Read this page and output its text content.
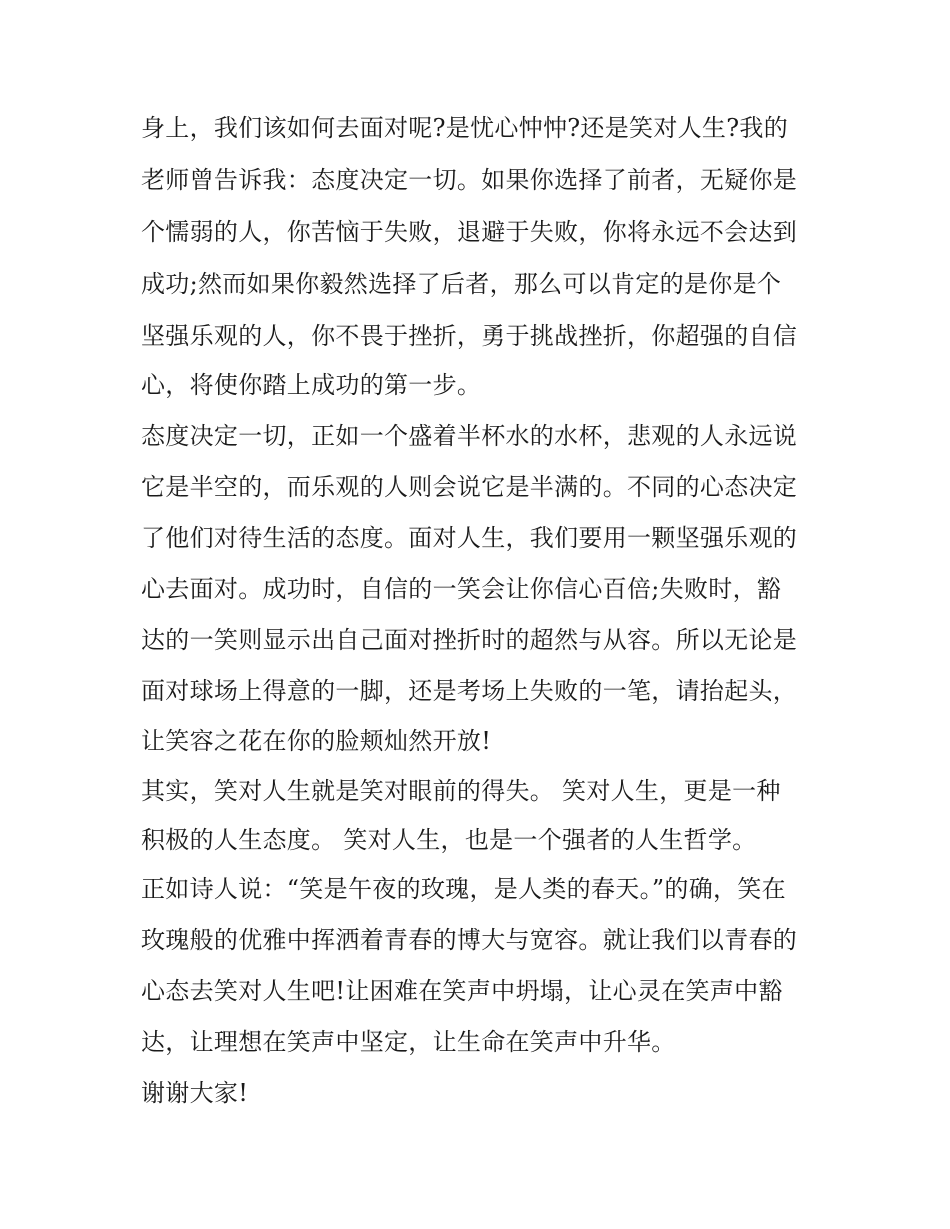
身上，我们该如何去面对呢?是忧心忡忡?还是笑对人生?我的
老师曾告诉我：态度决定一切。如果你选择了前者，无疑你是
个懦弱的人，你苦恼于失败，退避于失败，你将永远不会达到
成功;然而如果你毅然选择了后者，那么可以肯定的是你是个
坚强乐观的人，你不畏于挫折，勇于挑战挫折，你超强的自信
心，将使你踏上成功的第一步。
态度决定一切，正如一个盛着半杯水的水杯，悲观的人永远说
它是半空的，而乐观的人则会说它是半满的。不同的心态决定
了他们对待生活的态度。面对人生，我们要用一颗坚强乐观的
心去面对。成功时，自信的一笑会让你信心百倍;失败时，豁
达的一笑则显示出自己面对挫折时的超然与从容。所以无论是
面对球场上得意的一脚，还是考场上失败的一笔，请抬起头，
让笑容之花在你的脸颊灿然开放!
其实，笑对人生就是笑对眼前的得失。 笑对人生，更是一种
积极的人生态度。 笑对人生，也是一个强者的人生哲学。
正如诗人说：“笑是午夜的玫瑰，是人类的春天。”的确，笑在
玫瑰般的优雅中挥洒着青春的博大与宽容。就让我们以青春的
心态去笑对人生吧!让困难在笑声中坍塌，让心灵在笑声中豁
达，让理想在笑声中坚定，让生命在笑声中升华。
谢谢大家!
